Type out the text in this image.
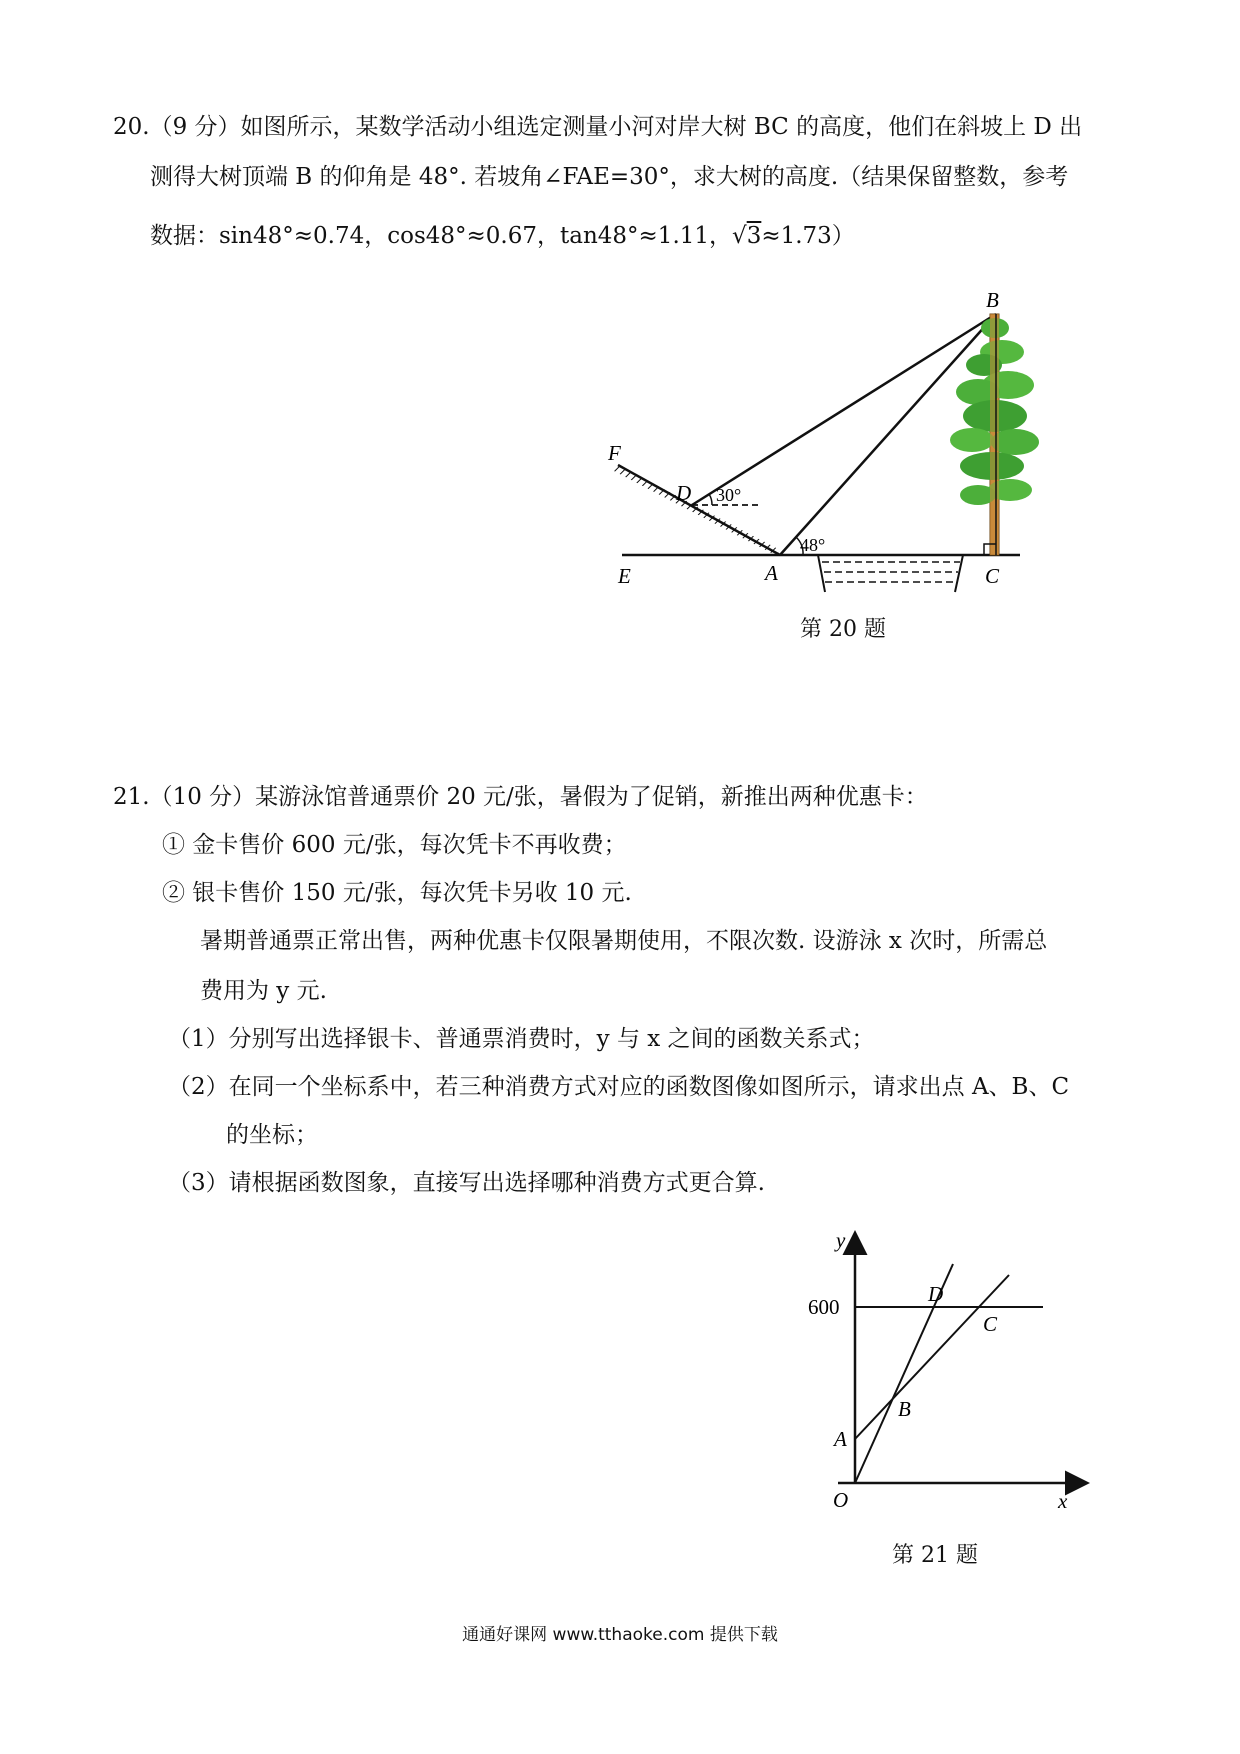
20.（9 分）如图所示，某数学活动小组选定测量小河对岸大树 BC 的高度，他们在斜坡上 D 出
测得大树顶端 B 的仰角是 48°. 若坡角∠FAE=30°，求大树的高度.（结果保留整数，参考
数据：sin48°≈0.74，cos48°≈0.67，tan48°≈1.11，√3≈1.73）
B
F
D 30°
48°
E	A	C
第 20 题
21.（10 分）某游泳馆普通票价 20 元/张，暑假为了促销，新推出两种优惠卡：
① 金卡售价 600 元/张，每次凭卡不再收费；
② 银卡售价 150 元/张，每次凭卡另收 10 元.
暑期普通票正常出售，两种优惠卡仅限暑期使用，不限次数. 设游泳 x 次时，所需总
费用为 y 元.
（1）分别写出选择银卡、普通票消费时，y 与 x 之间的函数关系式；
（2）在同一个坐标系中，若三种消费方式对应的函数图像如图所示，请求出点 A、B、C
的坐标；
（3）请根据函数图象，直接写出选择哪种消费方式更合算.
y
600
D
C
B
A
O	x
第 21 题
通通好课网 www.tthaoke.com 提供下载
